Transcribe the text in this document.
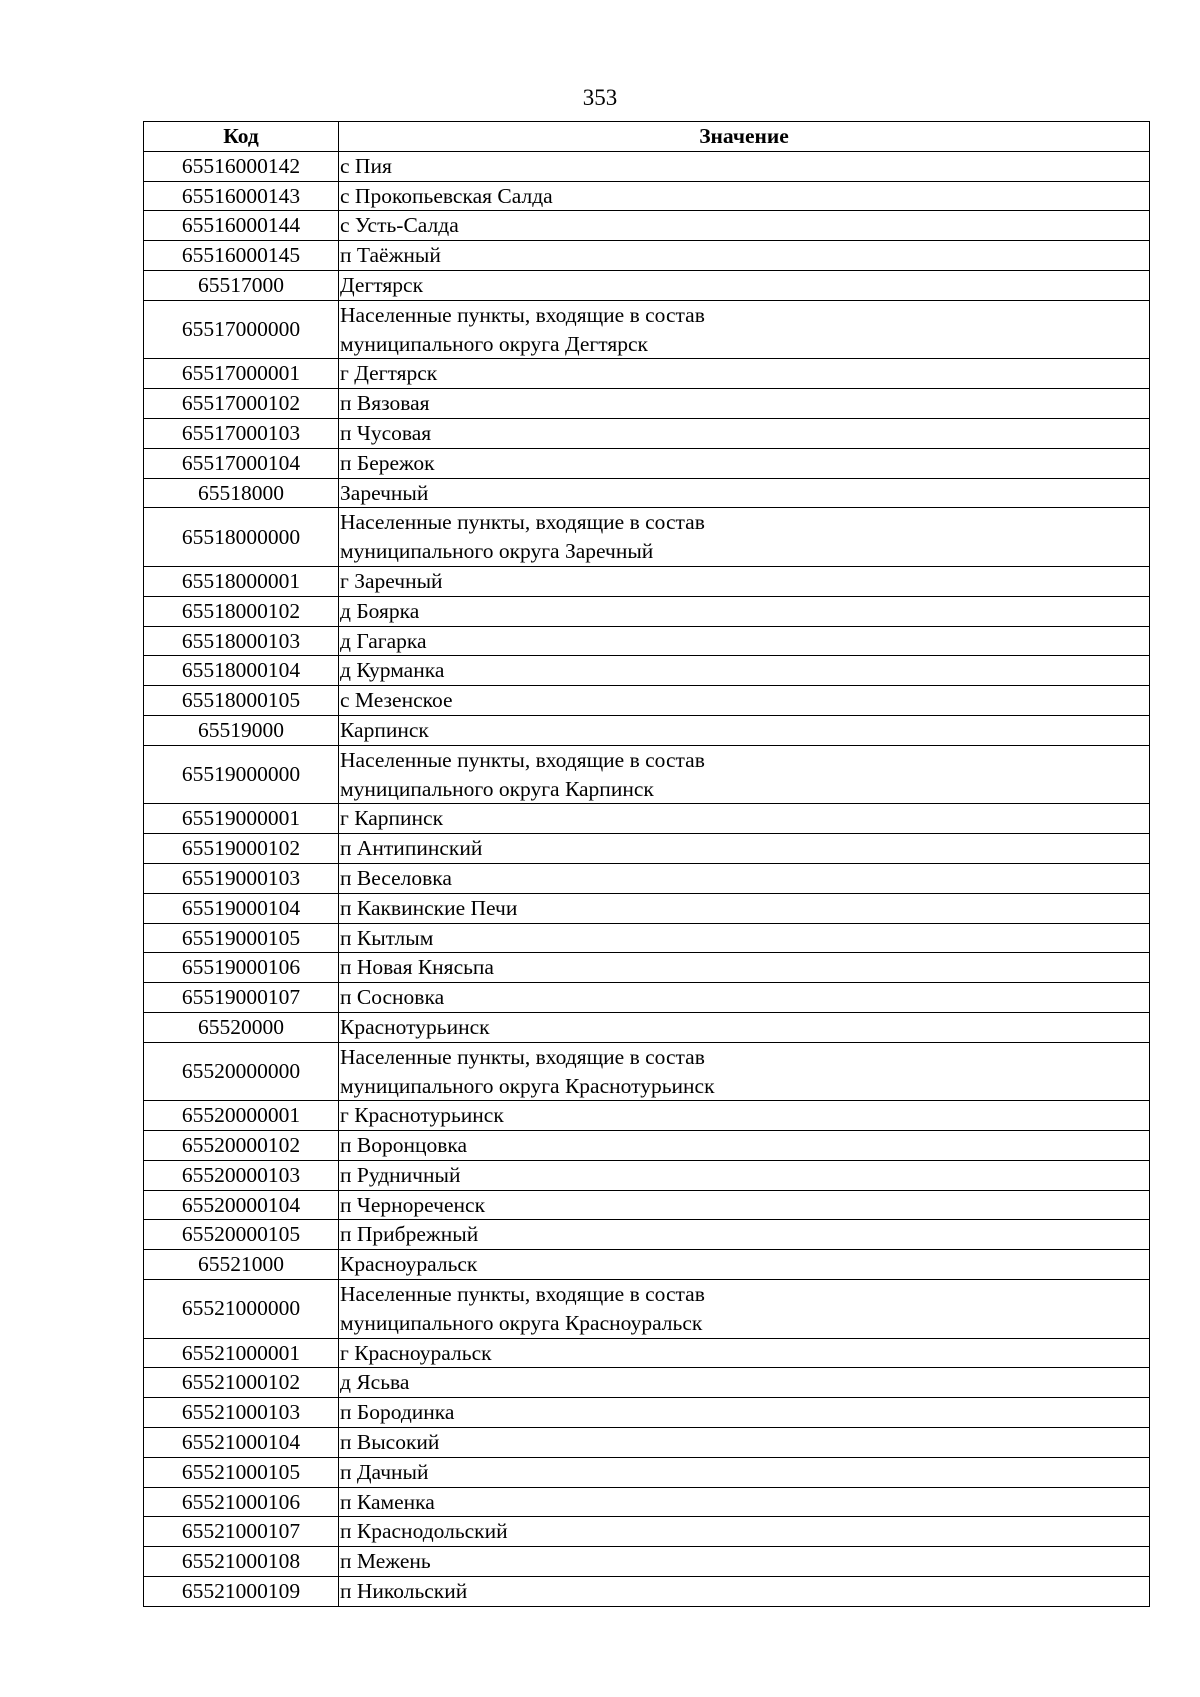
353
Код	Значение
65516000142	с Пия
65516000143	с Прокопьевская Салда
65516000144	с Усть-Салда
65516000145	п Таёжный
65517000	Дегтярск
65517000000	Населенные пункты, входящие в состав
муниципального округа Дегтярск
65517000001	г Дегтярск
65517000102	п Вязовая
65517000103	п Чусовая
65517000104	п Бережок
65518000	Заречный
65518000000	Населенные пункты, входящие в состав
муниципального округа Заречный
65518000001	г Заречный
65518000102	д Боярка
65518000103	д Гагарка
65518000104	д Курманка
65518000105	с Мезенское
65519000	Карпинск
65519000000	Населенные пункты, входящие в состав
муниципального округа Карпинск
65519000001	г Карпинск
65519000102	п Антипинский
65519000103	п Веселовка
65519000104	п Каквинские Печи
65519000105	п Кытлым
65519000106	п Новая Княсьпа
65519000107	п Сосновка
65520000	Краснотурьинск
65520000000	Населенные пункты, входящие в состав
муниципального округа Краснотурьинск
65520000001	г Краснотурьинск
65520000102	п Воронцовка
65520000103	п Рудничный
65520000104	п Чернореченск
65520000105	п Прибрежный
65521000	Красноуральск
65521000000	Населенные пункты, входящие в состав
муниципального округа Красноуральск
65521000001	г Красноуральск
65521000102	д Ясьва
65521000103	п Бородинка
65521000104	п Высокий
65521000105	п Дачный
65521000106	п Каменка
65521000107	п Краснодольский
65521000108	п Межень
65521000109	п Никольский
